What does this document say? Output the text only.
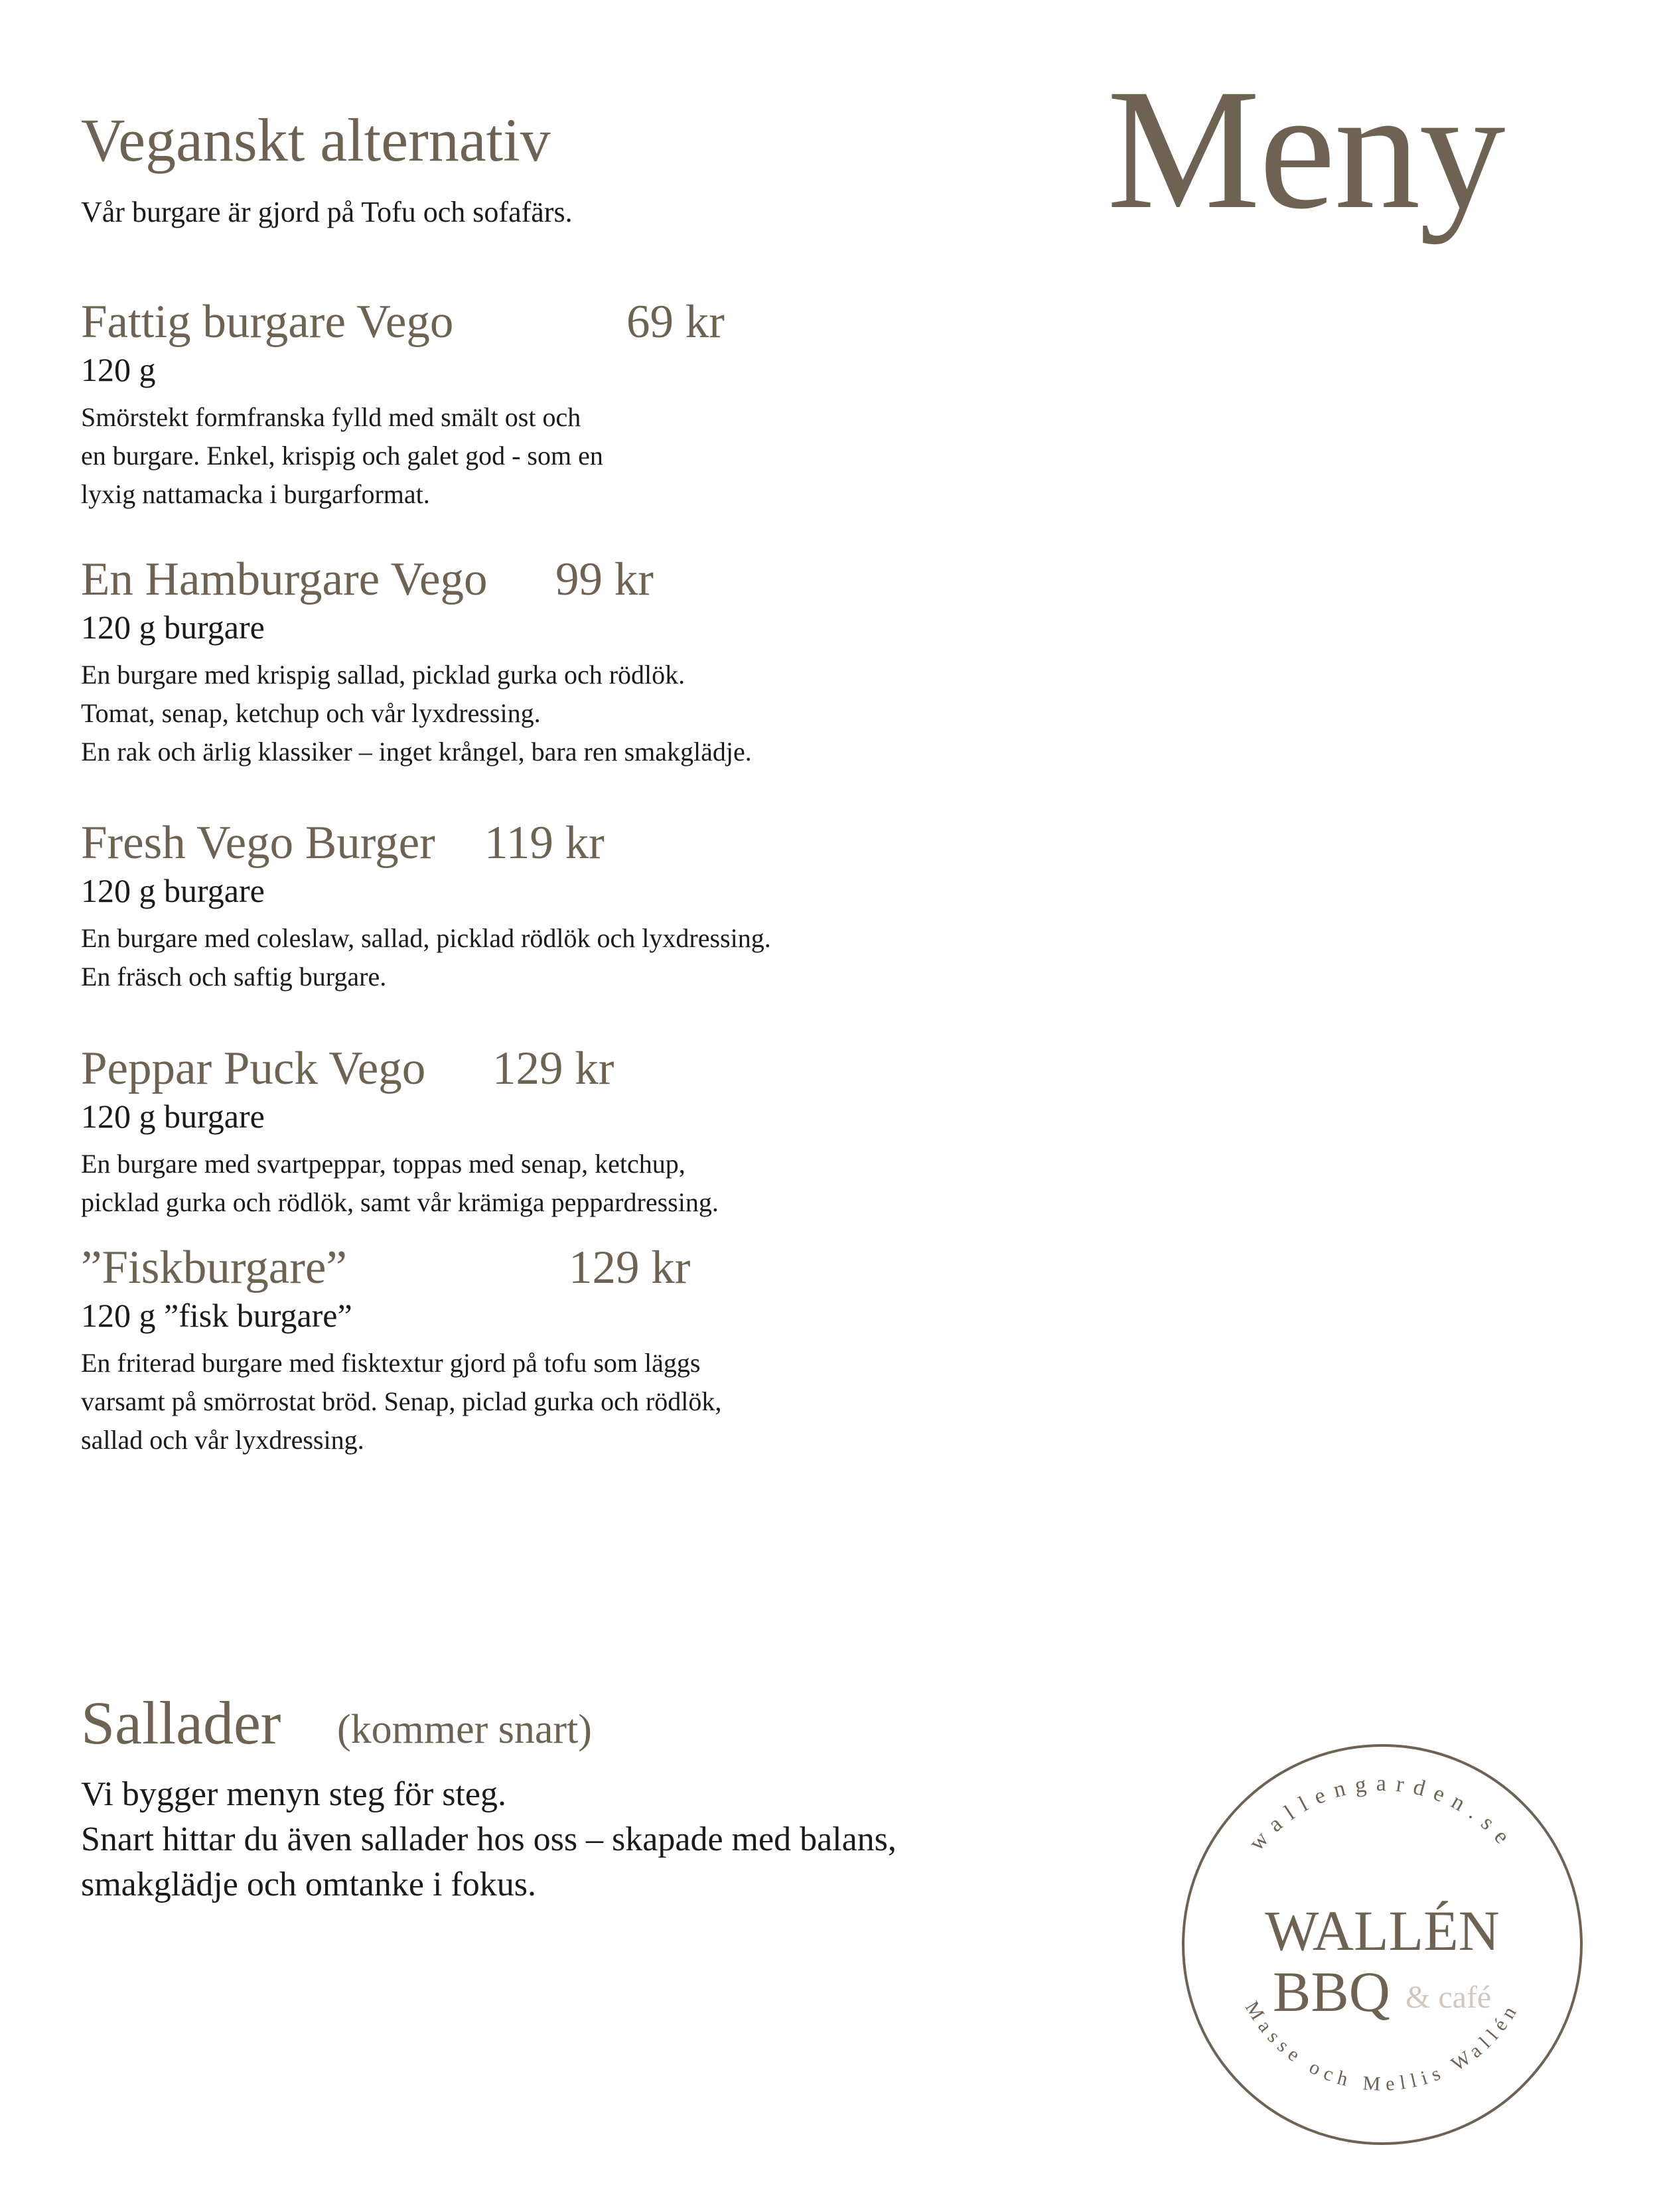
Meny
Veganskt alternativ
Vår burgare är gjord på Tofu och sofafärs.
Fattig burgare Vego	69 kr
120 g
Smörstekt formfranska fylld med smält ost och
en burgare. Enkel, krispig och galet god - som en
lyxig nattamacka i burgarformat.
En Hamburgare Vego 99 kr
120 g burgare
En burgare med krispig sallad, picklad gurka och rödlök.
Tomat, senap, ketchup och vår lyxdressing.
En rak och ärlig klassiker – inget krångel, bara ren smakglädje.
Fresh Vego Burger 119 kr
120 g burgare
En burgare med coleslaw, sallad, picklad rödlök och lyxdressing.
En fräsch och saftig burgare.
Peppar Puck Vego 129 kr
120 g burgare
En burgare med svartpeppar, toppas med senap, ketchup,
picklad gurka och rödlök, samt vår krämiga peppardressing.
”Fiskburgare”	129 kr
120 g ”fisk burgare”
En friterad burgare med fisktextur gjord på tofu som läggs
varsamt på smörrostat bröd. Senap, piclad gurka och rödlök,
sallad och vår lyxdressing.
Sallader (kommer snart)
Vi bygger menyn steg för steg.
Snart hittar du även sallader hos oss – skapade med balans,
smakglädje och omtanke i fokus.
wallengarden.se
WALLÉN
BBQ & café
Masse och Mellis Wallén
